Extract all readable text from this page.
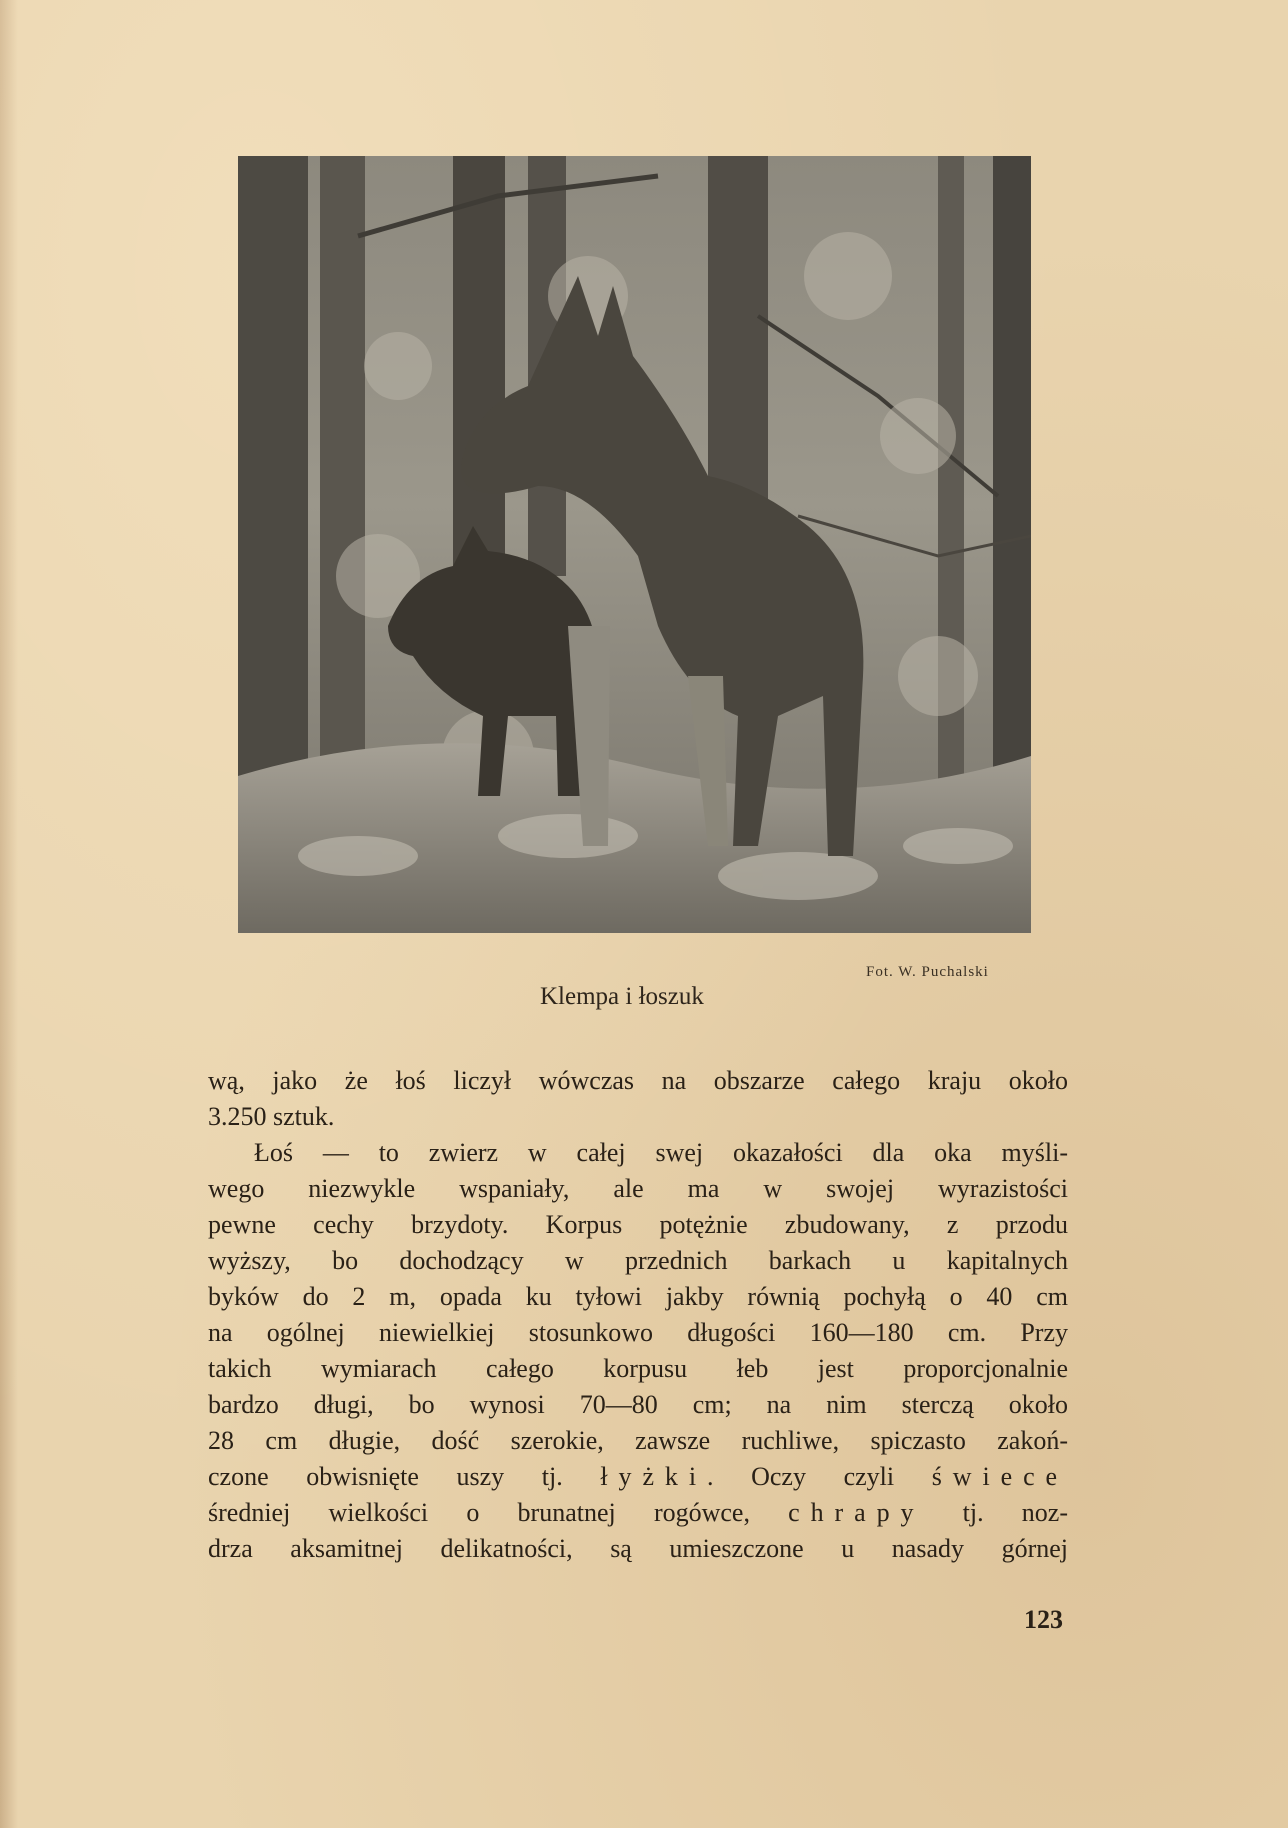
Fot. W. Puchalski
Klempa i łoszuk
wą, jako że łoś liczył wówczas na obszarze całego kraju około
3.250 sztuk.
Łoś — to zwierz w całej swej okazałości dla oka myśli-
wego niezwykle wspaniały, ale ma w swojej wyrazistości
pewne cechy brzydoty. Korpus potężnie zbudowany, z przodu
wyższy, bo dochodzący w przednich barkach u kapitalnych
byków do 2 m, opada ku tyłowi jakby równią pochyłą o 40 cm
na ogólnej niewielkiej stosunkowo długości 160—180 cm. Przy
takich wymiarach całego korpusu łeb jest proporcjonalnie
bardzo długi, bo wynosi 70—80 cm; na nim sterczą około
28 cm długie, dość szerokie, zawsze ruchliwe, spiczasto zakoń-
czone obwisnięte uszy tj. łyżki. Oczy czyli świece
średniej wielkości o brunatnej rogówce, chrapy tj. noz-
drza aksamitnej delikatności, są umieszczone u nasady górnej
123
